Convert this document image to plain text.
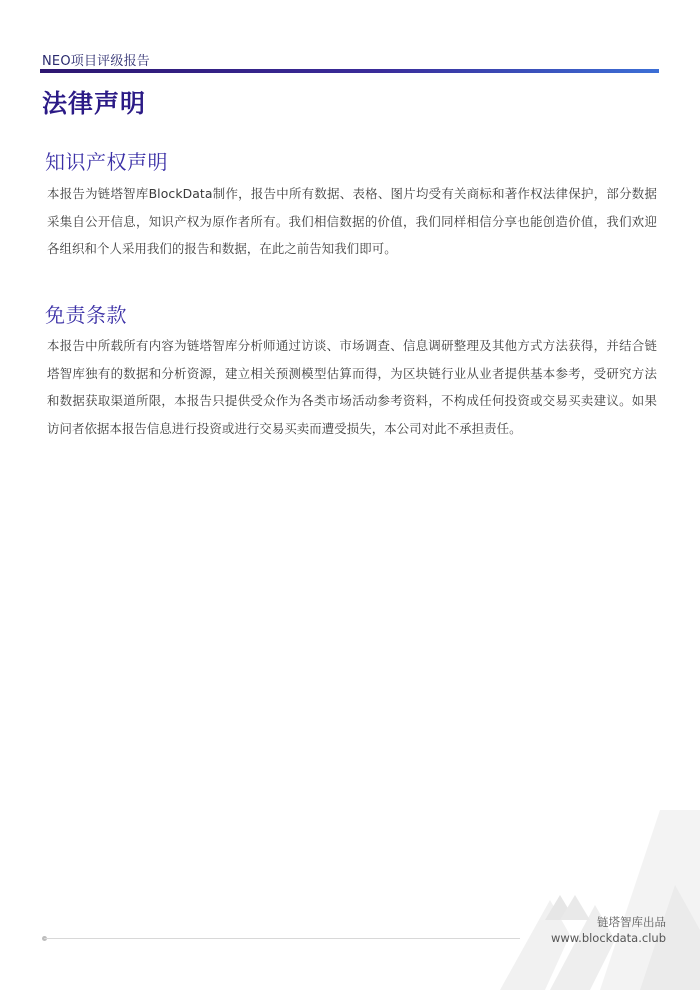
NEO项目评级报告
法律声明
知识产权声明
本报告为链塔智库BlockData制作，报告中所有数据、表格、图片均受有关商标和著作权法律保护，部分数据采集自公开信息，知识产权为原作者所有。我们相信数据的价值，我们同样相信分享也能创造价值，我们欢迎各组织和个人采用我们的报告和数据，在此之前告知我们即可。
免责条款
本报告中所载所有内容为链塔智库分析师通过访谈、市场调查、信息调研整理及其他方式方法获得，并结合链塔智库独有的数据和分析资源，建立相关预测模型估算而得，为区块链行业从业者提供基本参考，受研究方法和数据获取渠道所限，本报告只提供受众作为各类市场活动参考资料，不构成任何投资或交易买卖建议。如果访问者依据本报告信息进行投资或进行交易买卖而遭受损失，本公司对此不承担责任。
链塔智库出品
www.blockdata.club
